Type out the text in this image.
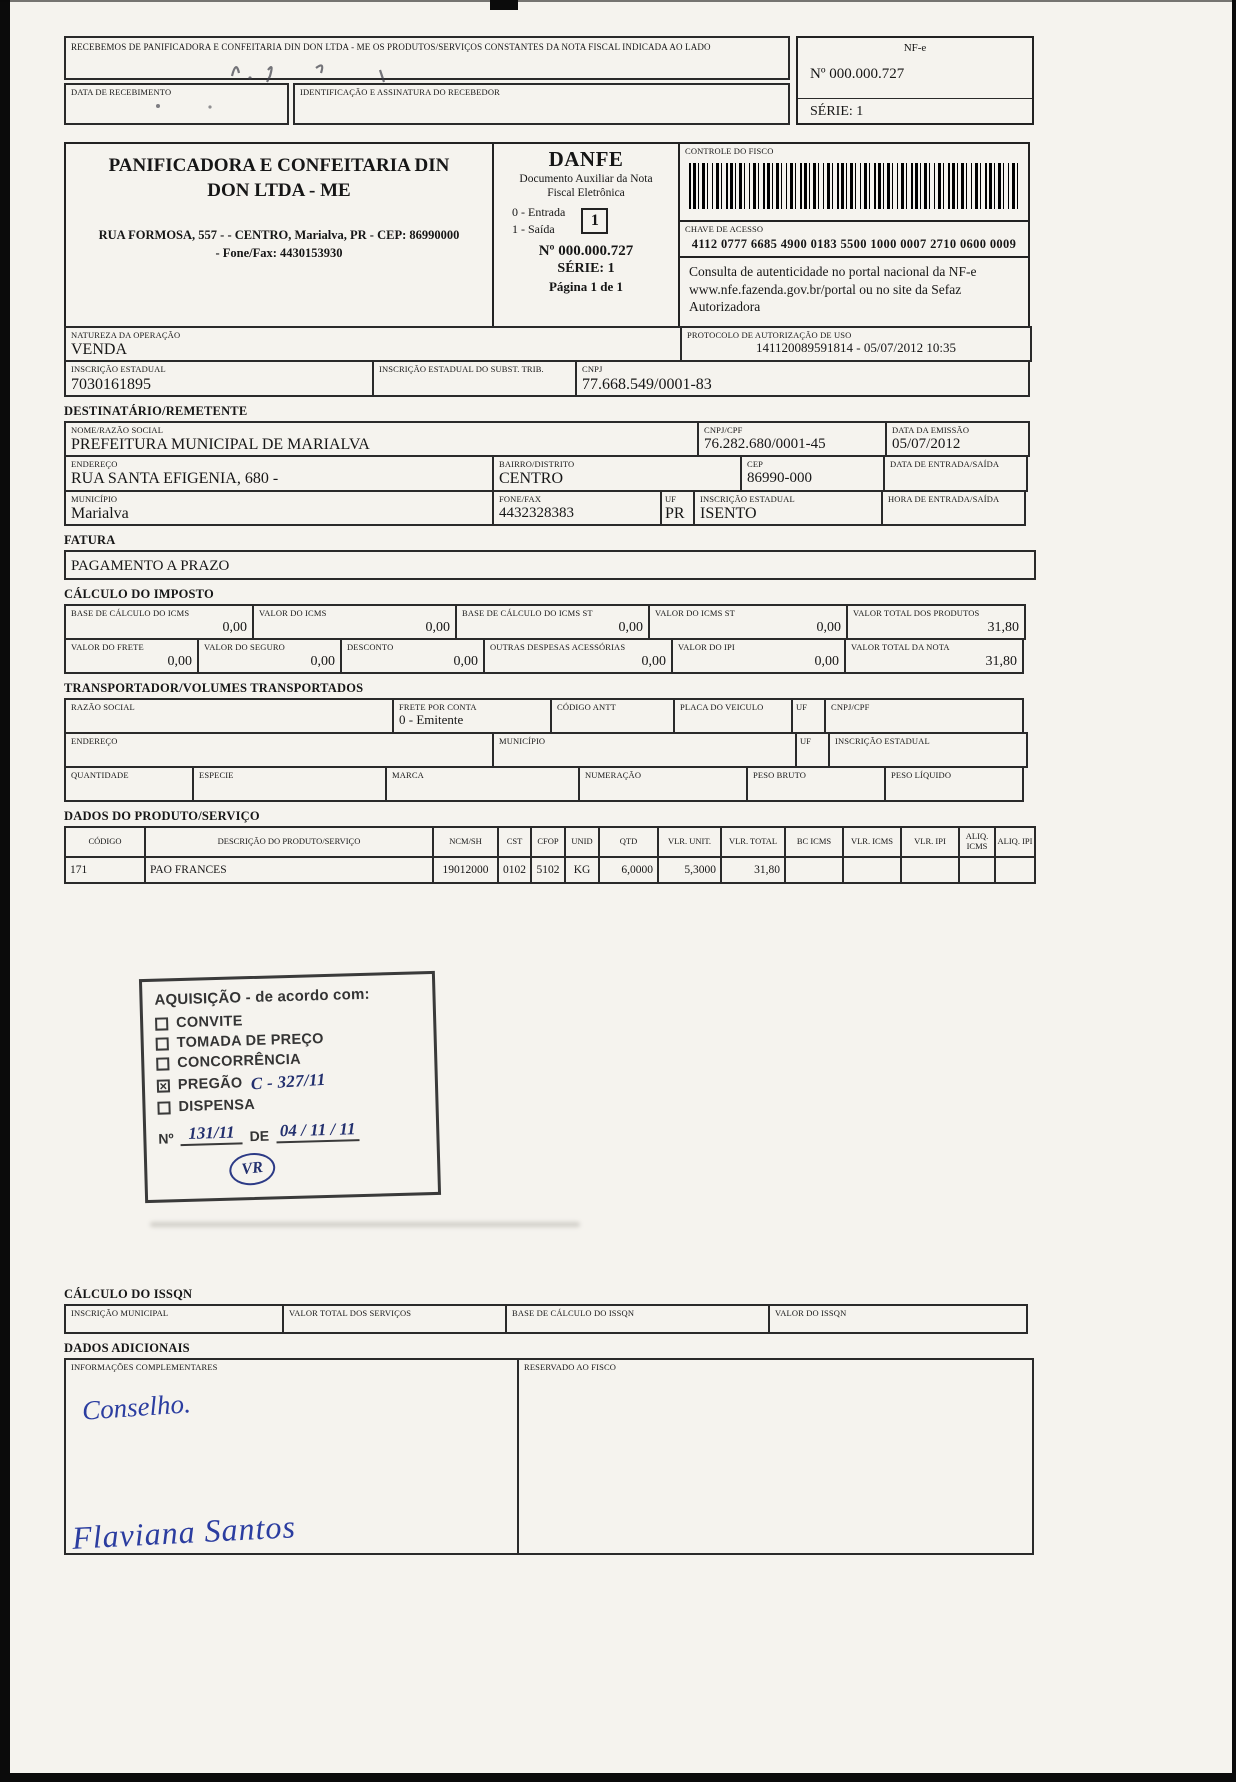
RECEBEMOS DE PANIFICADORA E CONFEITARIA DIN DON LTDA - ME OS PRODUTOS/SERVIÇOS CONSTANTES DA NOTA FISCAL INDICADA AO LADO
DATA DE RECEBIMENTO	IDENTIFICAÇÃO E ASSINATURA DO RECEBEDOR
NF-e
Nº 000.000.727
SÉRIE: 1
PANIFICADORA E CONFEITARIA DIN DON LTDA - ME
RUA FORMOSA, 557 - - CENTRO, Marialva, PR - CEP: 86990000
- Fone/Fax: 4430153930
DANFE
Documento Auxiliar da Nota Fiscal Eletrônica
0 - Entrada
1 - Saída	1
Nº 000.000.727
SÉRIE: 1
Página 1 de 1
CONTROLE DO FISCO
CHAVE DE ACESSO
4112 0777 6685 4900 0183 5500 1000 0007 2710 0600 0009
Consulta de autenticidade no portal nacional da NF-e www.nfe.fazenda.gov.br/portal ou no site da Sefaz Autorizadora
NATUREZA DA OPERAÇÃO
VENDA
PROTOCOLO DE AUTORIZAÇÃO DE USO
141120089591814 - 05/07/2012 10:35
INSCRIÇÃO ESTADUAL
7030161895
INSCRIÇÃO ESTADUAL DO SUBST. TRIB.	CNPJ
77.668.549/0001-83
DESTINATÁRIO/REMETENTE
NOME/RAZÃO SOCIAL
PREFEITURA MUNICIPAL DE MARIALVA
CNPJ/CPF
76.282.680/0001-45
DATA DA EMISSÃO
05/07/2012
ENDEREÇO
RUA SANTA EFIGENIA, 680 -
BAIRRO/DISTRITO
CENTRO
CEP
86990-000
DATA DE ENTRADA/SAÍDA
MUNICÍPIO
Marialva
FONE/FAX
4432328383
UF
PR
INSCRIÇÃO ESTADUAL
ISENTO
HORA DE ENTRADA/SAÍDA
FATURA
PAGAMENTO A PRAZO
CÁLCULO DO IMPOSTO
BASE DE CÁLCULO DO ICMS
0,00
VALOR DO ICMS
0,00
BASE DE CÁLCULO DO ICMS ST
0,00
VALOR DO ICMS ST
0,00
VALOR TOTAL DOS PRODUTOS
31,80
VALOR DO FRETE
0,00
VALOR DO SEGURO
0,00
DESCONTO
0,00
OUTRAS DESPESAS ACESSÓRIAS
0,00
VALOR DO IPI
0,00
VALOR TOTAL DA NOTA
31,80
TRANSPORTADOR/VOLUMES TRANSPORTADOS
RAZÃO SOCIAL	FRETE POR CONTA
0 - Emitente
CÓDIGO ANTT	PLACA DO VEICULO	UF	CNPJ/CPF
ENDEREÇO	MUNICÍPIO	UF	INSCRIÇÃO ESTADUAL
QUANTIDADE	ESPECIE	MARCA	NUMERAÇÃO	PESO BRUTO	PESO LÍQUIDO
DADOS DO PRODUTO/SERVIÇO
CÓDIGO	DESCRIÇÃO DO PRODUTO/SERVIÇO	NCM/SH	CST	CFOP	UNID	QTD	VLR. UNIT.	VLR. TOTAL	BC ICMS	VLR. ICMS	VLR. IPI	ALIQ. ICMS	ALIQ. IPI
171	PAO FRANCES	19012000	0102	5102	KG	6,0000	5,3000	31,80					
CÁLCULO DO ISSQN
INSCRIÇÃO MUNICIPAL	VALOR TOTAL DOS SERVIÇOS	BASE DE CÁLCULO DO ISSQN	VALOR DO ISSQN
DADOS ADICIONAIS
INFORMAÇÕES COMPLEMENTARES
Conselho.
Flaviana Santos
RESERVADO AO FISCO
AQUISIÇÃO - de acordo com:
CONVITE
TOMADA DE PREÇO
CONCORRÊNCIA
× PREGÃO C - 327/11
DISPENSA
Nº 131/11	DE 04 / 11 / 11
VR
